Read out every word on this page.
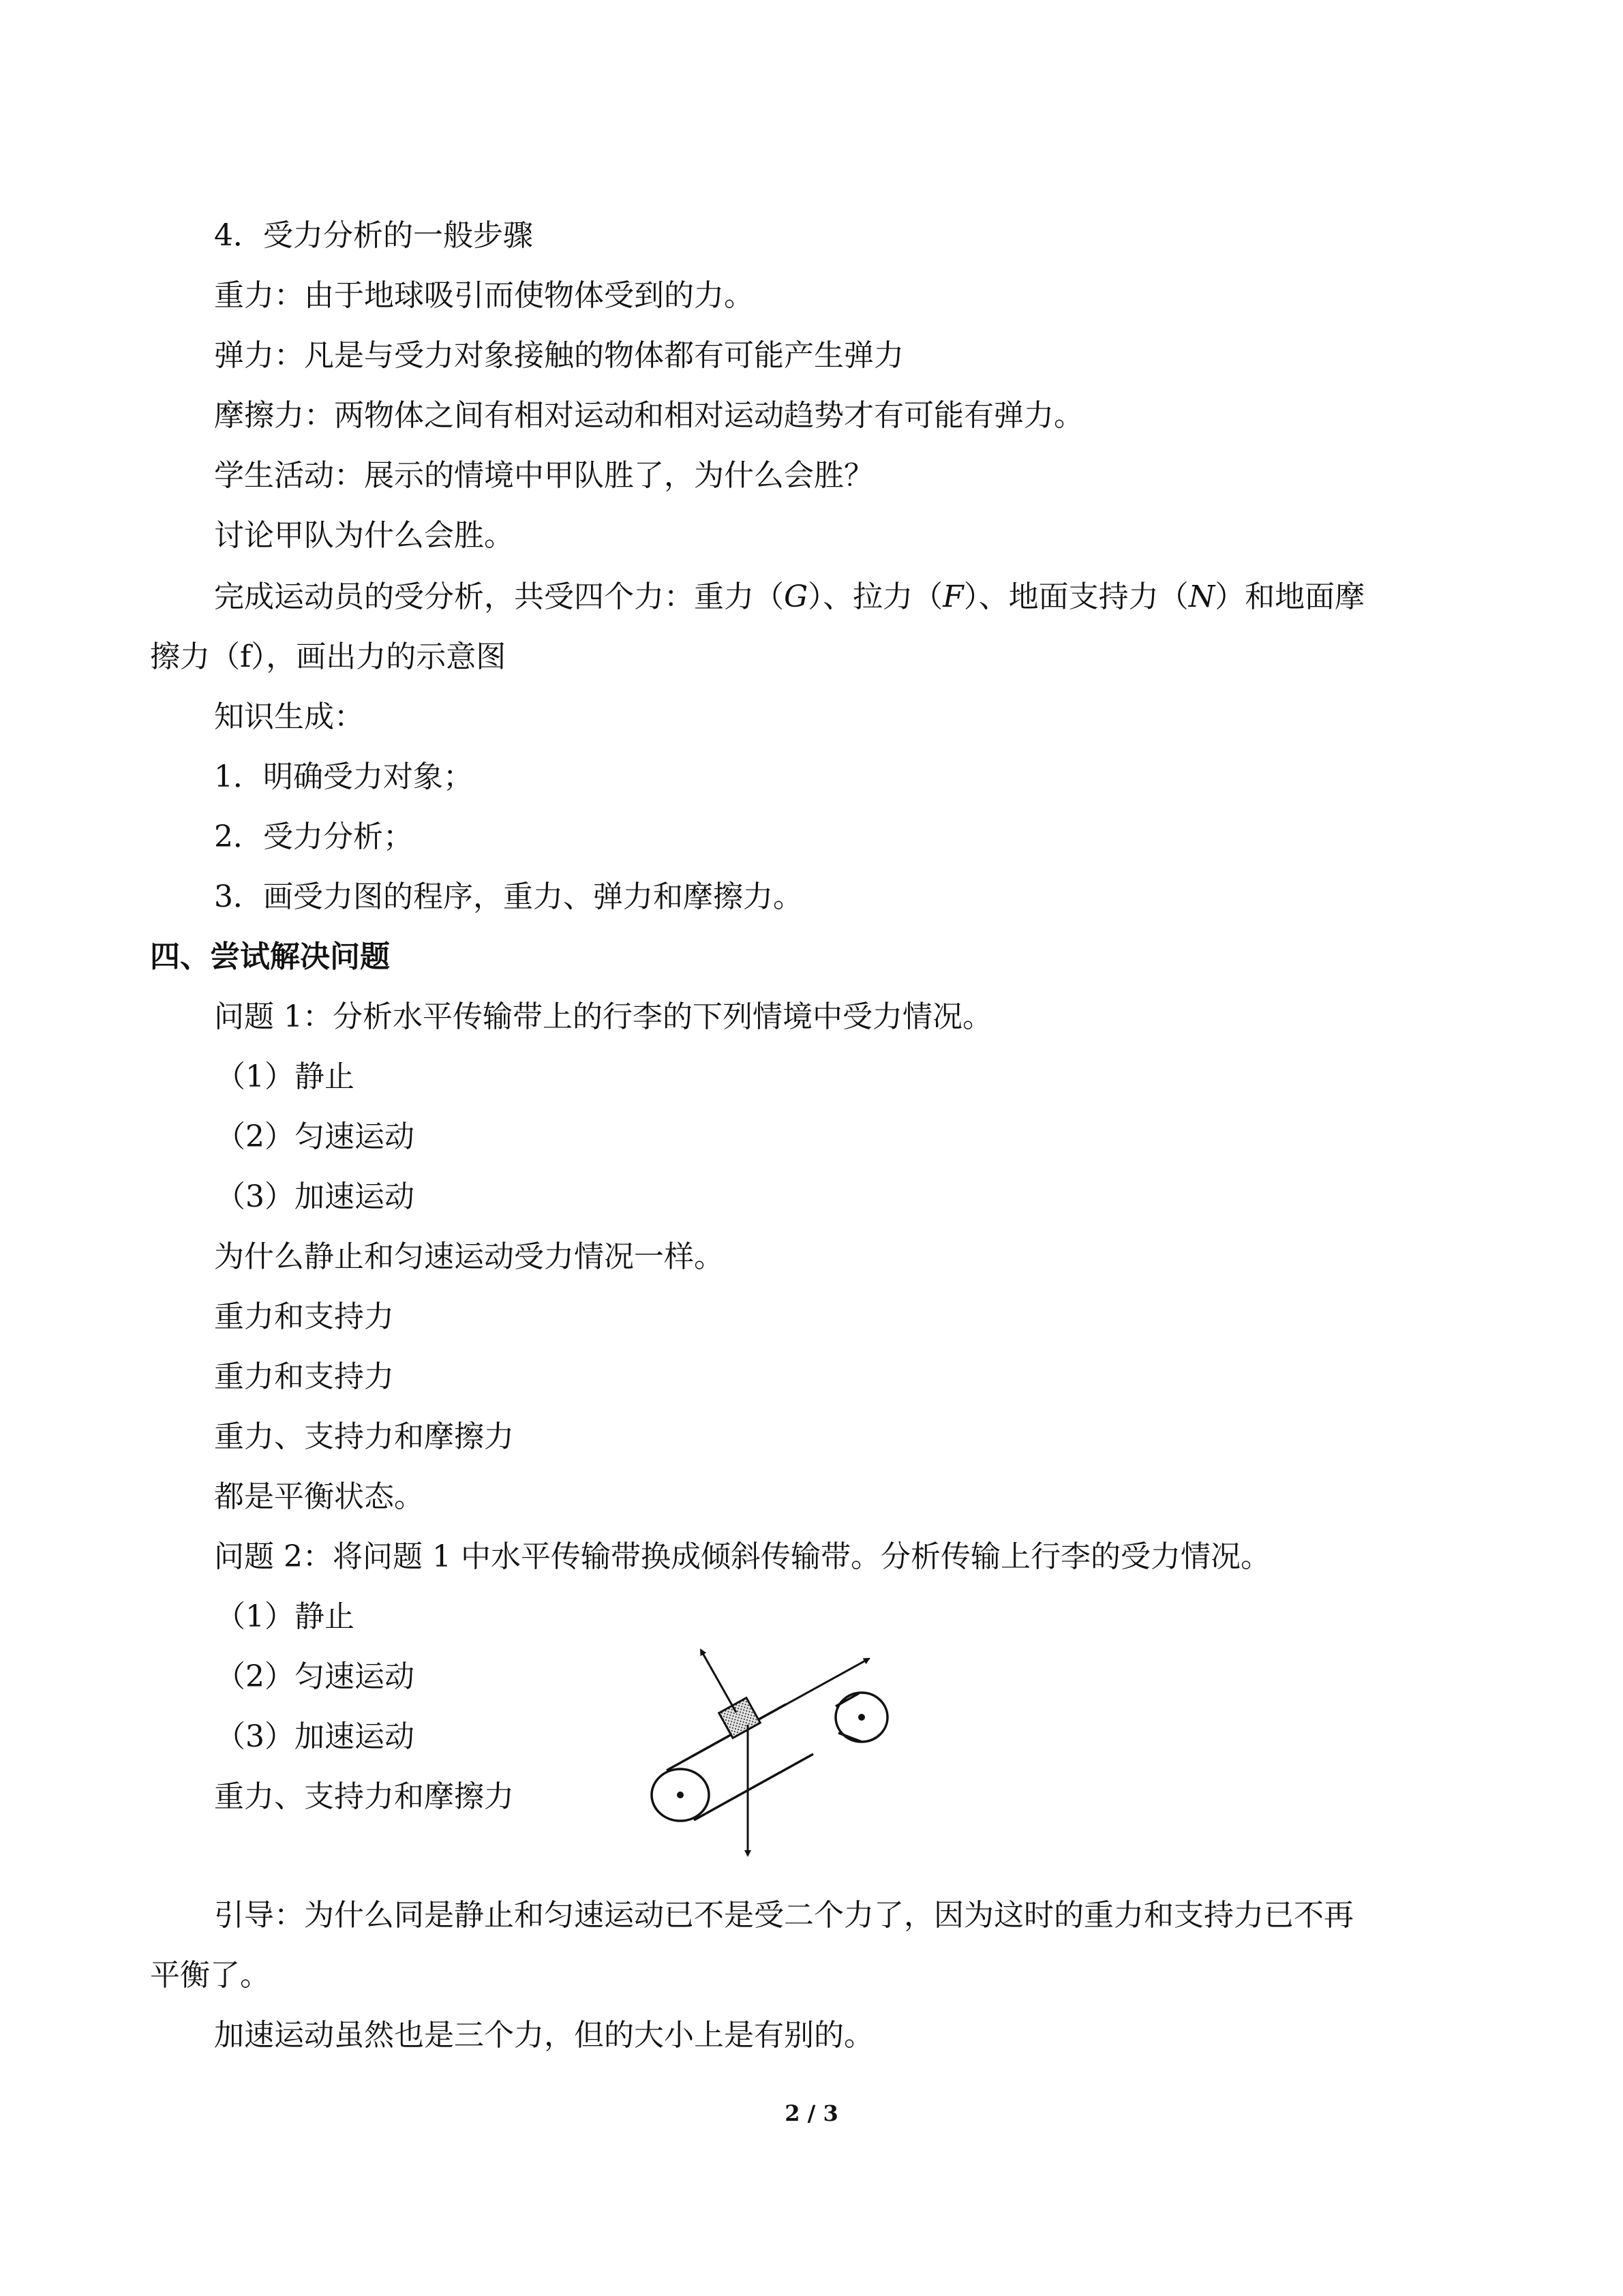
4．受力分析的一般步骤
重力：由于地球吸引而使物体受到的力。
弹力：凡是与受力对象接触的物体都有可能产生弹力
摩擦力：两物体之间有相对运动和相对运动趋势才有可能有弹力。
学生活动：展示的情境中甲队胜了，为什么会胜？
讨论甲队为什么会胜。
完成运动员的受分析，共受四个力：重力（G）、拉力（F）、地面支持力（N）和地面摩
擦力（f），画出力的示意图
知识生成：
1．明确受力对象；
2．受力分析；
3．画受力图的程序，重力、弹力和摩擦力。
四、尝试解决问题
问题 1：分析水平传输带上的行李的下列情境中受力情况。
（1）静止
（2）匀速运动
（3）加速运动
为什么静止和匀速运动受力情况一样。
重力和支持力
重力和支持力
重力、支持力和摩擦力
都是平衡状态。
问题 2：将问题 1 中水平传输带换成倾斜传输带。分析传输上行李的受力情况。
（1）静止
（2）匀速运动
（3）加速运动
重力、支持力和摩擦力
引导：为什么同是静止和匀速运动已不是受二个力了，因为这时的重力和支持力已不再
平衡了。
加速运动虽然也是三个力，但的大小上是有别的。
2 / 3
